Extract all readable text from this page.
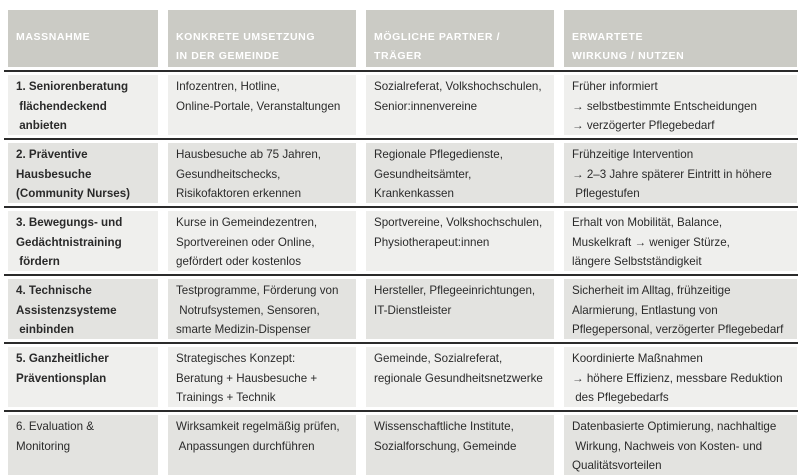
MASSNAHME	KONKRETE UMSETZUNG
IN DER GEMEINDE
MÖGLICHE PARTNER /
TRÄGER
ERWARTETE
WIRKUNG / NUTZEN
1. Seniorenberatung
flächendeckend
anbieten
Infozentren, Hotline,
Online-Portale, Veranstaltungen
Sozialreferat, Volkshochschulen,
Senior:innenvereine
Früher informiert
→ selbstbestimmte Entscheidungen
→ verzögerter Pflegebedarf
2. Präventive
Hausbesuche
(Community Nurses)
Hausbesuche ab 75 Jahren,
Gesundheitschecks,
Risikofaktoren erkennen
Regionale Pflegedienste,
Gesundheitsämter,
Krankenkassen
Frühzeitige Intervention
→ 2–3 Jahre späterer Eintritt in höhere
Pflegestufen
3. Bewegungs- und
Gedächtnistraining
fördern
Kurse in Gemeindezentren,
Sportvereinen oder Online,
gefördert oder kostenlos
Sportvereine, Volkshochschulen,
Physiotherapeut:innen
Erhalt von Mobilität, Balance,
Muskelkraft → weniger Stürze,
längere Selbstständigkeit
4. Technische
Assistenzsysteme
einbinden
Testprogramme, Förderung von
Notrufsystemen, Sensoren,
smarte Medizin-Dispenser
Hersteller, Pflegeeinrichtungen,
IT-Dienstleister
Sicherheit im Alltag, frühzeitige
Alarmierung, Entlastung von
Pflegepersonal, verzögerter Pflegebedarf
5. Ganzheitlicher
Präventionsplan
Strategisches Konzept:
Beratung + Hausbesuche +
Trainings + Technik
Gemeinde, Sozialreferat,
regionale Gesundheitsnetzwerke
Koordinierte Maßnahmen
→ höhere Effizienz, messbare Reduktion
des Pflegebedarfs
6. Evaluation &
Monitoring
Wirksamkeit regelmäßig prüfen,
Anpassungen durchführen
Wissenschaftliche Institute,
Sozialforschung, Gemeinde
Datenbasierte Optimierung, nachhaltige
Wirkung, Nachweis von Kosten- und
Qualitätsvorteilen
